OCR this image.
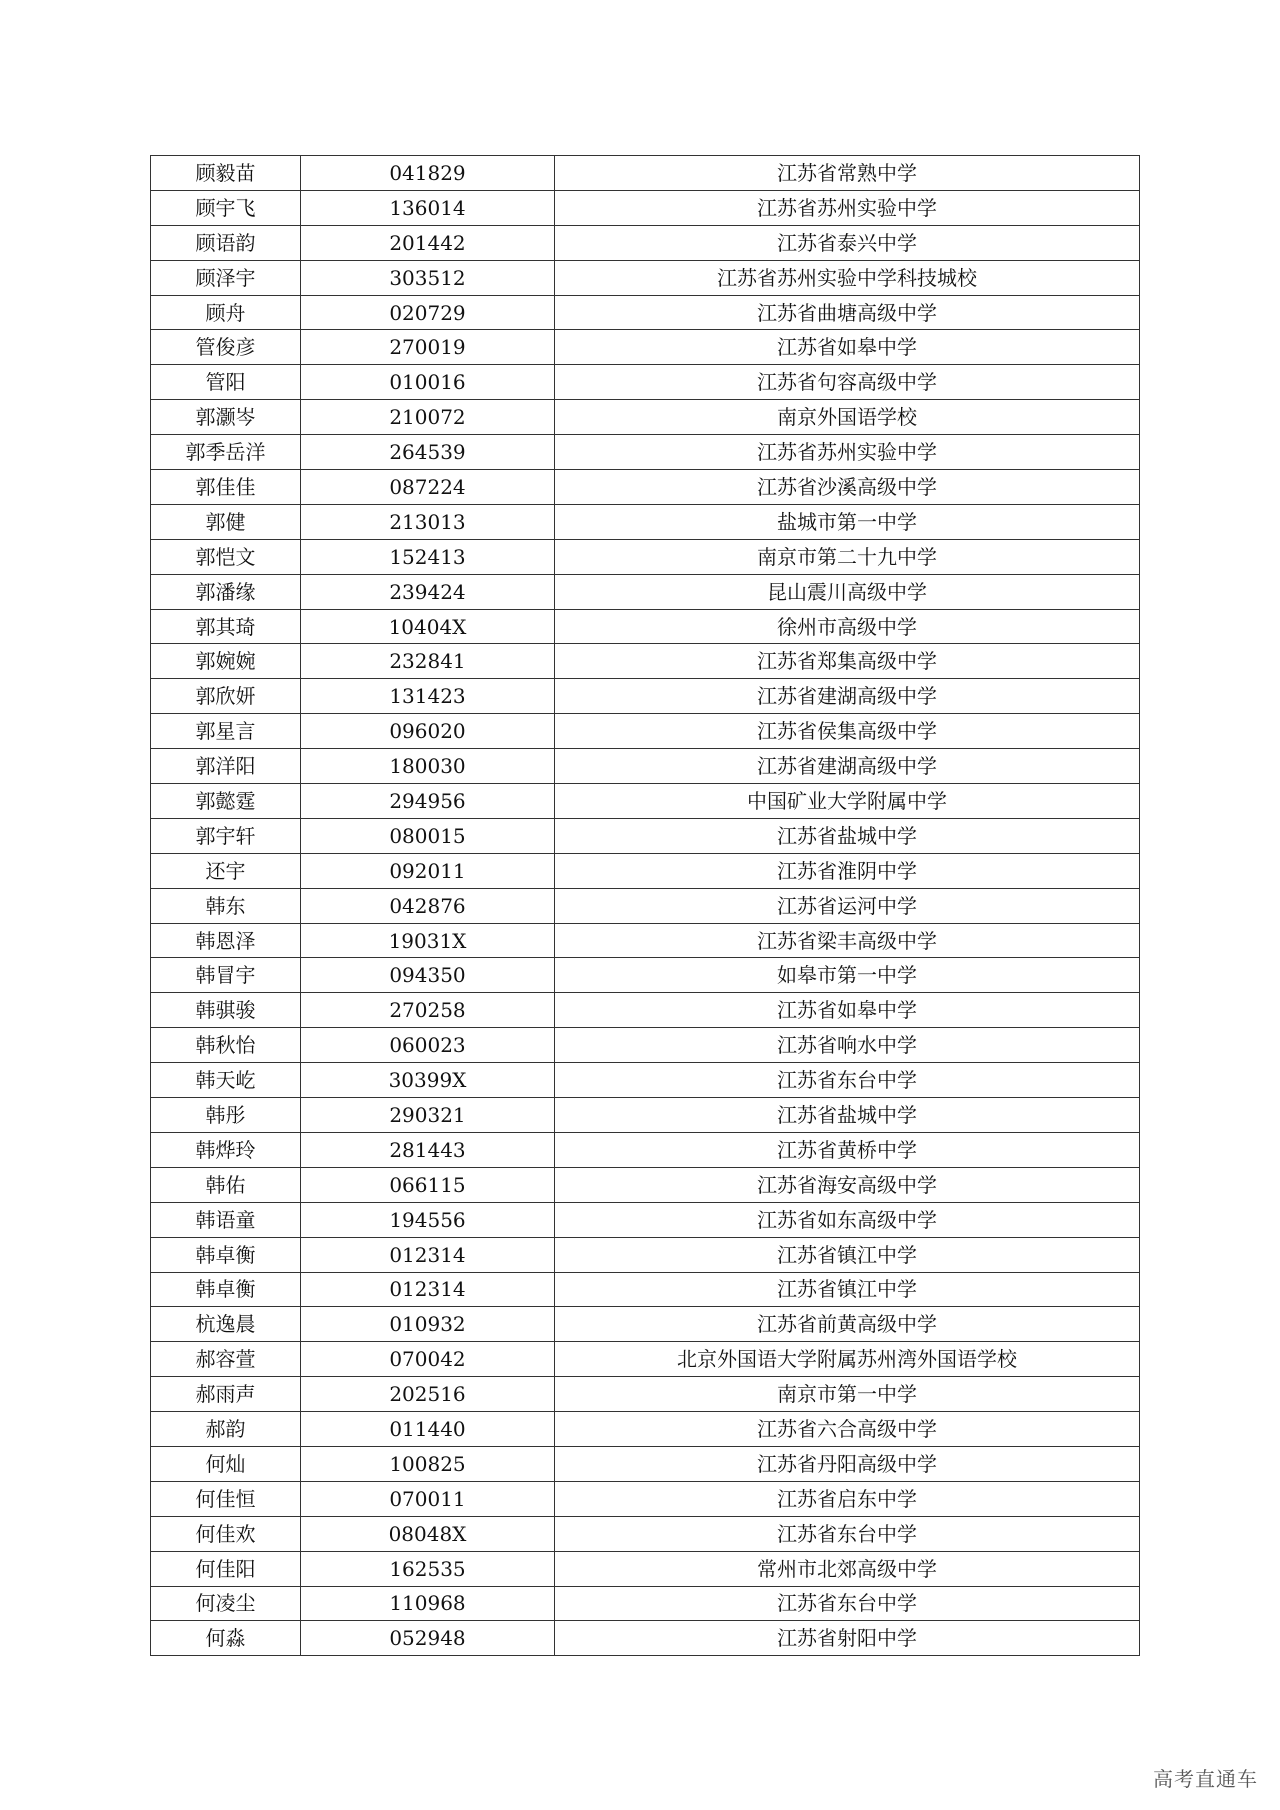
顾毅苗	041829	江苏省常熟中学
顾宇飞	136014	江苏省苏州实验中学
顾语韵	201442	江苏省泰兴中学
顾泽宇	303512	江苏省苏州实验中学科技城校
顾舟	020729	江苏省曲塘高级中学
管俊彦	270019	江苏省如皋中学
管阳	010016	江苏省句容高级中学
郭灏岑	210072	南京外国语学校
郭季岳洋	264539	江苏省苏州实验中学
郭佳佳	087224	江苏省沙溪高级中学
郭健	213013	盐城市第一中学
郭恺文	152413	南京市第二十九中学
郭潘缘	239424	昆山震川高级中学
郭其琦	10404X	徐州市高级中学
郭婉婉	232841	江苏省郑集高级中学
郭欣妍	131423	江苏省建湖高级中学
郭星言	096020	江苏省侯集高级中学
郭洋阳	180030	江苏省建湖高级中学
郭懿霆	294956	中国矿业大学附属中学
郭宇轩	080015	江苏省盐城中学
还宇	092011	江苏省淮阴中学
韩东	042876	江苏省运河中学
韩恩泽	19031X	江苏省梁丰高级中学
韩冒宇	094350	如皋市第一中学
韩骐骏	270258	江苏省如皋中学
韩秋怡	060023	江苏省响水中学
韩天屹	30399X	江苏省东台中学
韩彤	290321	江苏省盐城中学
韩烨玲	281443	江苏省黄桥中学
韩佑	066115	江苏省海安高级中学
韩语童	194556	江苏省如东高级中学
韩卓衡	012314	江苏省镇江中学
韩卓衡	012314	江苏省镇江中学
杭逸晨	010932	江苏省前黄高级中学
郝容萱	070042	北京外国语大学附属苏州湾外国语学校
郝雨声	202516	南京市第一中学
郝韵	011440	江苏省六合高级中学
何灿	100825	江苏省丹阳高级中学
何佳恒	070011	江苏省启东中学
何佳欢	08048X	江苏省东台中学
何佳阳	162535	常州市北郊高级中学
何凌尘	110968	江苏省东台中学
何淼	052948	江苏省射阳中学
高考直通车
